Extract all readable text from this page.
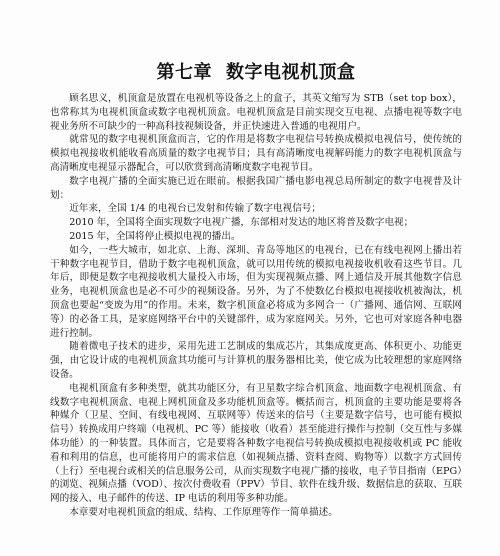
第七章 数字电视机顶盒

顾名思义，机顶盒是放置在电视机等设备之上的盒子，其英文缩写为 STB（set top box），也常称其为电视机顶盒或数字电视机顶盒。电视机顶盒是目前实现交互电视、点播电视等数字电视业务所不可缺少的一种高科技视频设备，并正快速进入普通的电视用户。

就常见的数字电视机顶盒而言，它的作用是将数字电视信号转换成模拟电视信号，使传统的模拟电视接收机能收看高质量的数字电视节目；具有高清晰度电视解码能力的数字电视机顶盒与高清晰度电视显示器配合，可以欣赏到高清晰度数字电视节目。

数字电视广播的全面实施已近在眼前。根据我国广播电影电视总局所制定的数字电视普及计划：

近年来，全国 1/4 的电视台已发射和传输了数字电视信号；

2010 年，全国将全面实现数字电视广播，东部相对发达的地区将普及数字电视；

2015 年，全国将停止模拟电视的播出。

如今，一些大城市，如北京、上海、深圳、青岛等地区的电视台，已在有线电视网上播出若干种数字电视节目，借助于数字电视机顶盒，就可以用传统的模拟电视接收机收看这些节目。几年后，即便是数字电视接收机大量投入市场，但为实现视频点播、网上通信及开展其他数字信息业务，电视机顶盒也是必不可少的视频设备。另外，为了不使数亿台模拟电视接收机被淘汰，机顶盒也要起“变废为用”的作用。未来，数字机顶盒必将成为多网合一（广播网、通信网、互联网等）的必备工具，是家庭网络平台中的关键部件，成为家庭网关。另外，它也可对家庭各种电器进行控制。

随着微电子技术的进步，采用先进工艺制成的集成芯片，其集成度更高、体积更小、功能更强，由它设计成的电视机顶盒其功能可与计算机的服务器相比美，使它成为比较理想的家庭网络设备。

电视机顶盒有多种类型，就其功能区分，有卫星数字综合机顶盒、地面数字电视机顶盒、有线数字电视机顶盒、电视上网机顶盒及多功能机顶盒等。概括而言，机顶盒的主要功能是要将各种媒介（卫星、空间、有线电视网、互联网等）传送来的信号（主要是数字信号，也可能有模拟信号）转换成用户终端（电视机、PC 等）能接收（收看）甚至能进行操作与控制（交互性与多媒体功能）的一种装置。具体而言，它是要将各种数字电视信号转换成模拟电视接收机或 PC 能收看和利用的信息，也可能将用户的需求信息（如视频点播、资料查阅、购物等）以数字方式回传（上行）至电视台或相关的信息服务公司，从而实现数字电视广播的接收，电子节目指南（EPG）的浏览、视频点播（VOD）、按次付费收看（PPV）节目、软件在线升级、数据信息的获取、互联网的接入、电子邮件的传送、IP 电话的利用等多种功能。

本章要对电视机顶盒的组成、结构、工作原理等作一简单描述。
